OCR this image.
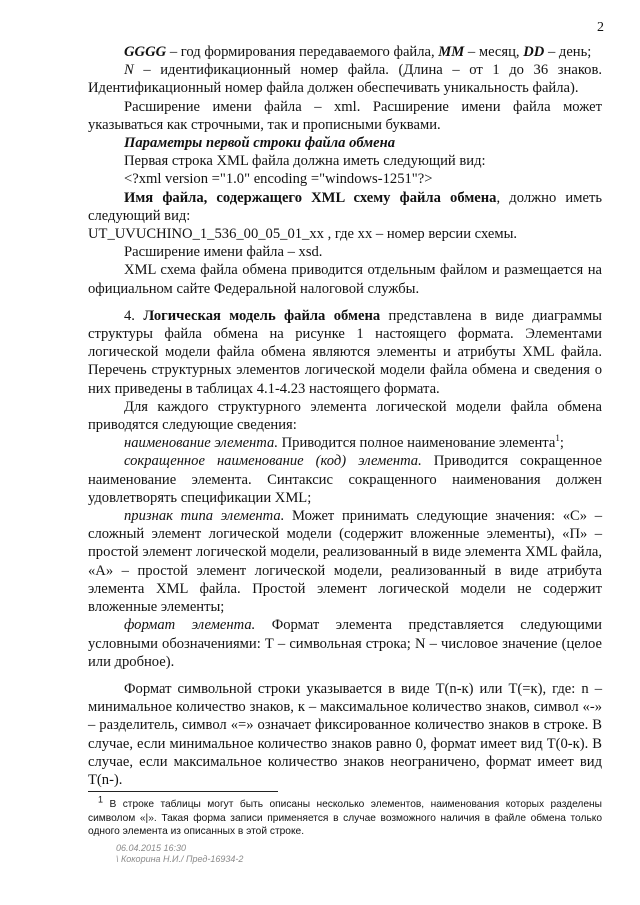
2

GGGG – год формирования передаваемого файла, MM – месяц, DD – день;

N – идентификационный номер файла. (Длина – от 1 до 36 знаков. Идентификационный номер файла должен обеспечивать уникальность файла).

Расширение имени файла – xml. Расширение имени файла может указываться как строчными, так и прописными буквами.

Параметры первой строки файла обмена

Первая строка XML файла должна иметь следующий вид:

<?xml version ="1.0" encoding ="windows-1251"?>

Имя файла, содержащего XML схему файла обмена, должно иметь следующий вид:

UT_UVUCHINO_1_536_00_05_01_xx , где хх – номер версии схемы.

Расширение имени файла – xsd.

XML схема файла обмена приводится отдельным файлом и размещается на официальном сайте Федеральной налоговой службы.

4. Логическая модель файла обмена представлена в виде диаграммы структуры файла обмена на рисунке 1 настоящего формата. Элементами логической модели файла обмена являются элементы и атрибуты XML файла. Перечень структурных элементов логической модели файла обмена и сведения о них приведены в таблицах 4.1-4.23 настоящего формата.

Для каждого структурного элемента логической модели файла обмена приводятся следующие сведения:

наименование элемента. Приводится полное наименование элемента$^1$;

сокращенное наименование (код) элемента. Приводится сокращенное наименование элемента. Синтаксис сокращенного наименования должен удовлетворять спецификации XML;

признак типа элемента. Может принимать следующие значения: «С» – сложный элемент логической модели (содержит вложенные элементы), «П» – простой элемент логической модели, реализованный в виде элемента XML файла, «А» – простой элемент логической модели, реализованный в виде атрибута элемента XML файла. Простой элемент логической модели не содержит вложенные элементы;

формат элемента. Формат элемента представляется следующими условными обозначениями: Т – символьная строка; N – числовое значение (целое или дробное).

Формат символьной строки указывается в виде Т(n-к) или Т(=к), где: n – минимальное количество знаков, к – максимальное количество знаков, символ «-» – разделитель, символ «=» означает фиксированное количество знаков в строке. В случае, если минимальное количество знаков равно 0, формат имеет вид Т(0-к). В случае, если максимальное количество знаков неограничено, формат имеет вид Т(n-).

$^1$ В строке таблицы могут быть описаны несколько элементов, наименования которых разделены символом «|». Такая форма записи применяется в случае возможного наличия в файле обмена только одного элемента из описанных в этой строке.

06.04.2015 16:30
\ Кокорина Н.И./ Пред-16934-2
